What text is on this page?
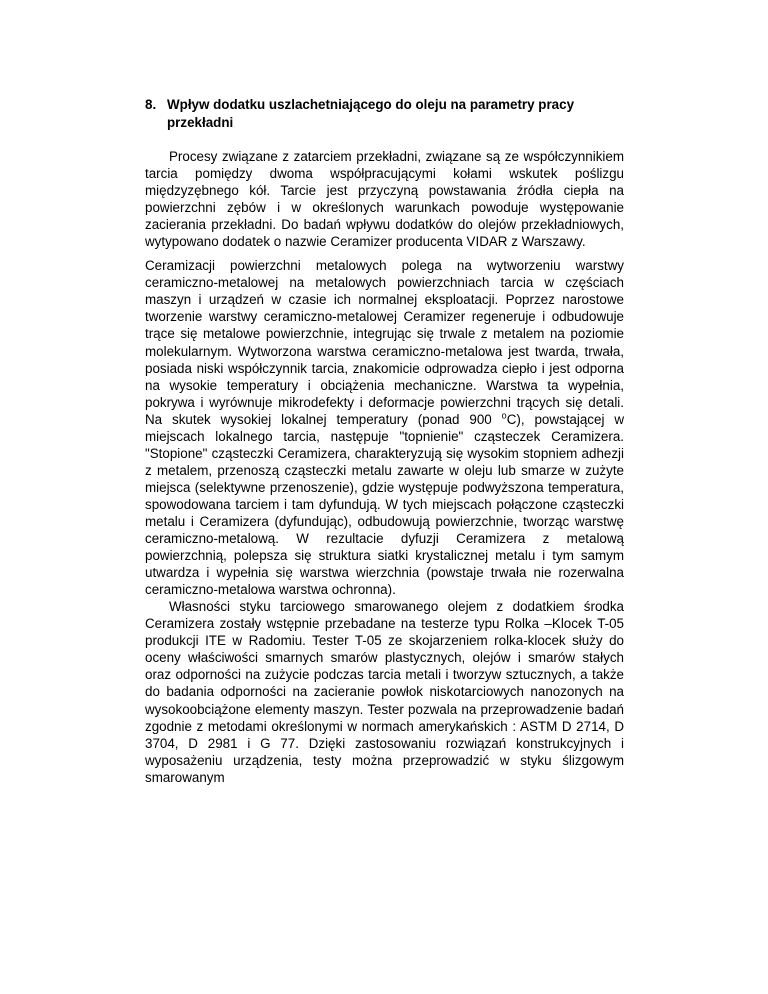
8. Wpływ dodatku uszlachetniającego do oleju na parametry pracy przekładni

Procesy związane z zatarciem przekładni, związane są ze współczynnikiem tarcia pomiędzy dwoma współpracującymi kołami wskutek poślizgu międzyzębnego kół. Tarcie jest przyczyną powstawania źródła ciepła na powierzchni zębów i w określonych warunkach powoduje występowanie zacierania przekładni. Do badań wpływu dodatków do olejów przekładniowych, wytypowano dodatek o nazwie Ceramizer producenta VIDAR z Warszawy.

Ceramizacji powierzchni metalowych polega na wytworzeniu warstwy ceramiczno-metalowej na metalowych powierzchniach tarcia w częściach maszyn i urządzeń w czasie ich normalnej eksploatacji. Poprzez narostowe tworzenie warstwy ceramiczno-metalowej Ceramizer regeneruje i odbudowuje trące się metalowe powierzchnie, integrując się trwale z metalem na poziomie molekularnym. Wytworzona warstwa ceramiczno-metalowa jest twarda, trwała, posiada niski współczynnik tarcia, znakomicie odprowadza ciepło i jest odporna na wysokie temperatury i obciążenia mechaniczne. Warstwa ta wypełnia, pokrywa i wyrównuje mikrodefekty i deformacje powierzchni trących się detali. Na skutek wysokiej lokalnej temperatury (ponad 900 $^o$C), powstającej w miejscach lokalnego tarcia, następuje "topnienie" cząsteczek Ceramizera. "Stopione" cząsteczki Ceramizera, charakteryzują się wysokim stopniem adhezji z metalem, przenoszą cząsteczki metalu zawarte w oleju lub smarze w zużyte miejsca (selektywne przenoszenie), gdzie występuje podwyższona temperatura, spowodowana tarciem i tam dyfundują. W tych miejscach połączone cząsteczki metalu i Ceramizera (dyfundując), odbudowują powierzchnie, tworząc warstwę ceramiczno-metalową. W rezultacie dyfuzji Ceramizera z metalową powierzchnią, polepsza się struktura siatki krystalicznej metalu i tym samym utwardza i wypełnia się warstwa wierzchnia (powstaje trwała nie rozerwalna ceramiczno-metalowa warstwa ochronna).

Własności styku tarciowego smarowanego olejem z dodatkiem środka Ceramizera zostały wstępnie przebadane na testerze typu Rolka –Klocek T-05 produkcji ITE w Radomiu. Tester T-05 ze skojarzeniem rolka-klocek służy do oceny właściwości smarnych smarów plastycznych, olejów i smarów stałych oraz odporności na zużycie podczas tarcia metali i tworzyw sztucznych, a także do badania odporności na zacieranie powłok niskotarciowych nanozonych na wysokoobciążone elementy maszyn. Tester pozwala na przeprowadzenie badań zgodnie z metodami określonymi w normach amerykańskich : ASTM D 2714, D 3704, D 2981 i G 77. Dzięki zastosowaniu rozwiązań konstrukcyjnych i wyposażeniu urządzenia, testy można przeprowadzić w styku ślizgowym smarowanym
